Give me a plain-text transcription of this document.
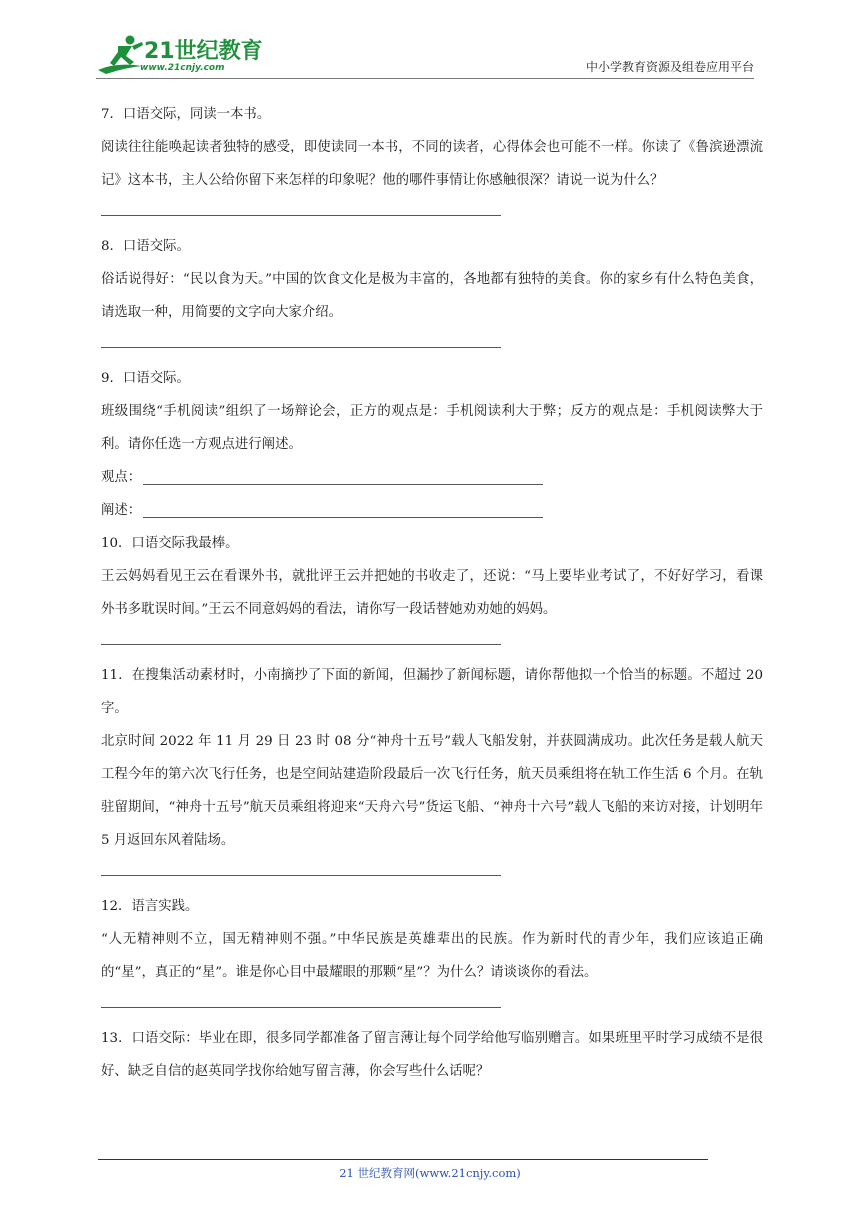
21世纪教育
www.21cnjy.com	中小学教育资源及组卷应用平台

7．口语交际，同读一本书。

阅读往往能唤起读者独特的感受，即使读同一本书，不同的读者，心得体会也可能不一样。你读了《鲁滨逊漂流记》这本书，主人公给你留下来怎样的印象呢？他的哪件事情让你感触很深？请说一说为什么？

8．口语交际。

俗话说得好：“民以食为天。”中国的饮食文化是极为丰富的，各地都有独特的美食。你的家乡有什么特色美食，请选取一种，用简要的文字向大家介绍。

9．口语交际。

班级围绕“手机阅读”组织了一场辩论会，正方的观点是：手机阅读利大于弊；反方的观点是：手机阅读弊大于利。请你任选一方观点进行阐述。

观点：
阐述：

10．口语交际我最棒。

王云妈妈看见王云在看课外书，就批评王云并把她的书收走了，还说：“马上要毕业考试了，不好好学习，看课外书多耽误时间。”王云不同意妈妈的看法，请你写一段话替她劝劝她的妈妈。

11．在搜集活动素材时，小南摘抄了下面的新闻，但漏抄了新闻标题，请你帮他拟一个恰当的标题。不超过 20 字。

北京时间 2022 年 11 月 29 日 23 时 08 分“神舟十五号”载人飞船发射，并获圆满成功。此次任务是载人航天工程今年的第六次飞行任务，也是空间站建造阶段最后一次飞行任务，航天员乘组将在轨工作生活 6 个月。在轨驻留期间，“神舟十五号”航天员乘组将迎来“天舟六号”货运飞船、“神舟十六号”载人飞船的来访对接，计划明年 5 月返回东风着陆场。

12．语言实践。

“人无精神则不立，国无精神则不强。”中华民族是英雄辈出的民族。作为新时代的青少年，我们应该追正确的“星”，真正的“星”。谁是你心目中最耀眼的那颗“星”？为什么？请谈谈你的看法。

13．口语交际：毕业在即，很多同学都准备了留言薄让每个同学给他写临别赠言。如果班里平时学习成绩不是很好、缺乏自信的赵英同学找你给她写留言薄，你会写些什么话呢？

21 世纪教育网(www.21cnjy.com)
